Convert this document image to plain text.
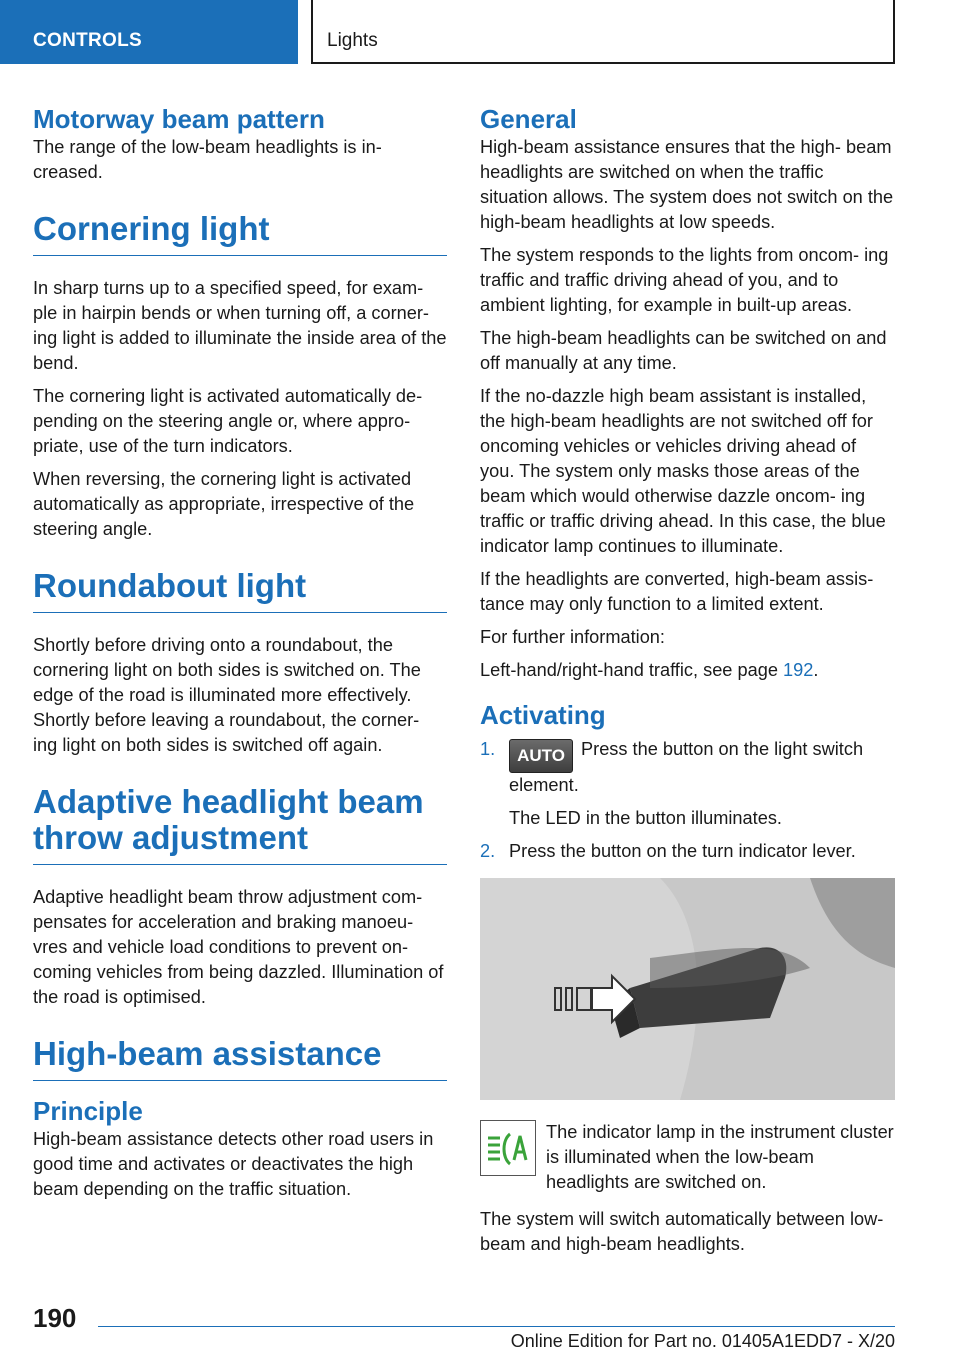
CONTROLS	Lights
Motorway beam pattern

The range of the low-beam headlights is in- creased.

Cornering light

In sharp turns up to a specified speed, for exam- ple in hairpin bends or when turning off, a corner- ing light is added to illuminate the inside area of the bend.

The cornering light is activated automatically de- pending on the steering angle or, where appro- priate, use of the turn indicators.

When reversing, the cornering light is activated automatically as appropriate, irrespective of the steering angle.

Roundabout light

Shortly before driving onto a roundabout, the cornering light on both sides is switched on. The edge of the road is illuminated more effectively. Shortly before leaving a roundabout, the corner- ing light on both sides is switched off again.

Adaptive headlight beam throw adjustment

Adaptive headlight beam throw adjustment com- pensates for acceleration and braking manoeu- vres and vehicle load conditions to prevent on- coming vehicles from being dazzled. Illumination of the road is optimised.

High-beam assistance
Principle

High-beam assistance detects other road users in good time and activates or deactivates the high beam depending on the traffic situation.

General

High-beam assistance ensures that the high- beam headlights are switched on when the traffic situation allows. The system does not switch on the high-beam headlights at low speeds.

The system responds to the lights from oncom- ing traffic and traffic driving ahead of you, and to ambient lighting, for example in built-up areas.

The high-beam headlights can be switched on and off manually at any time.

If the no-dazzle high beam assistant is installed, the high-beam headlights are not switched off for oncoming vehicles or vehicles driving ahead of you. The system only masks those areas of the beam which would otherwise dazzle oncom- ing traffic or traffic driving ahead. In this case, the blue indicator lamp continues to illuminate.

If the headlights are converted, high-beam assis- tance may only function to a limited extent.

For further information:

Left-hand/right-hand traffic, see page 192.

Activating
1. AUTO Press the button on the light switch element.
The LED in the button illuminates.
2. Press the button on the turn indicator lever.

The indicator lamp in the instrument cluster is illuminated when the low-beam headlights are switched on.

The system will switch automatically between low-beam and high-beam headlights.

190
Online Edition for Part no. 01405A1EDD7 - X/20
